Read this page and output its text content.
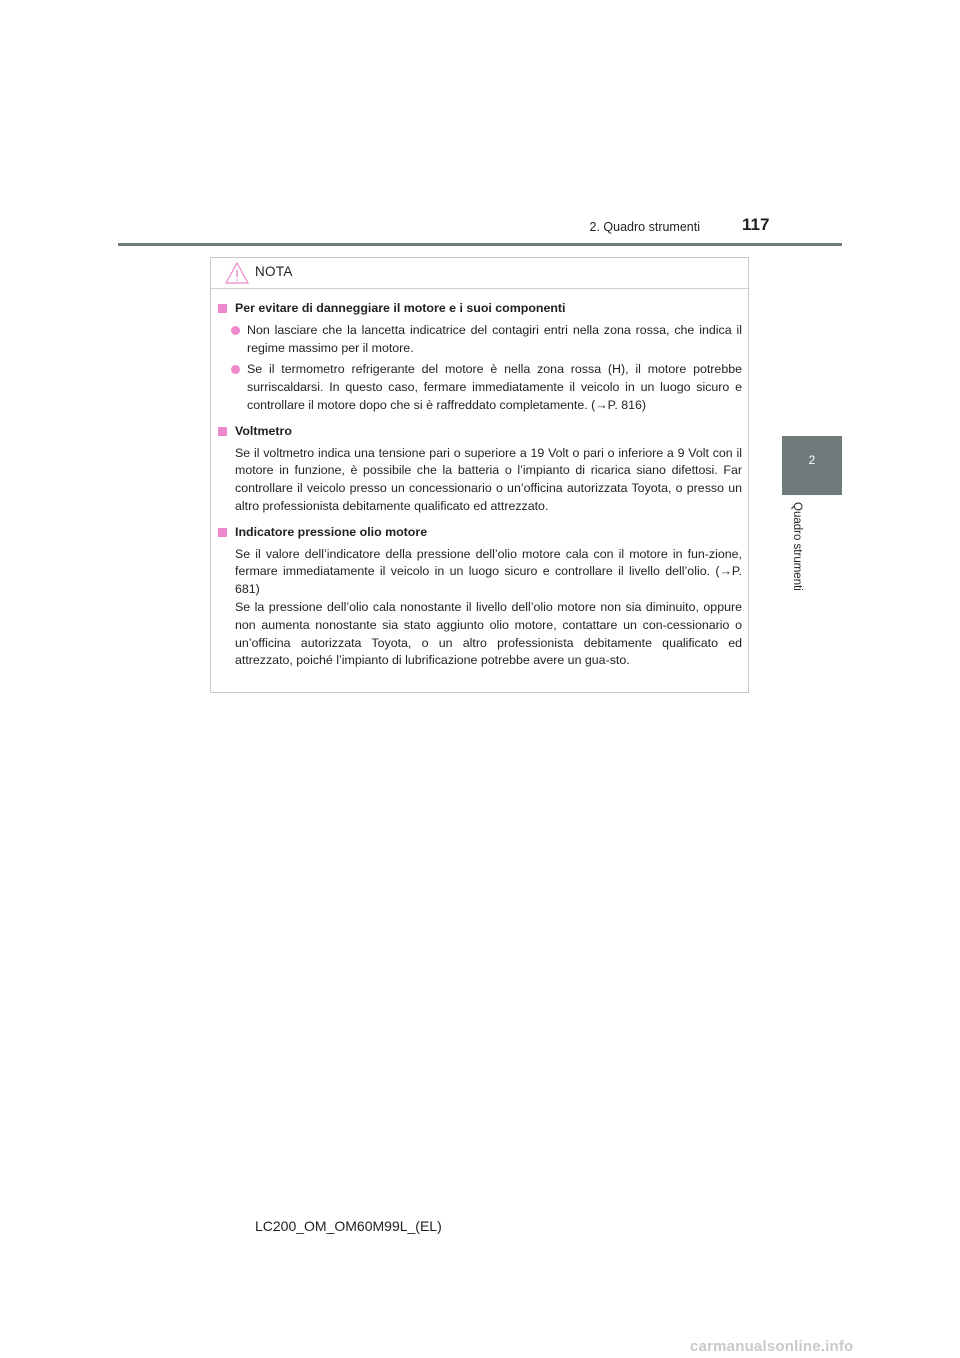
2. Quadro strumenti 117
2
Quadro strumenti
NOTA
Per evitare di danneggiare il motore e i suoi componenti
Non lasciare che la lancetta indicatrice del contagiri entri nella zona rossa, che indica il regime massimo per il motore.
Se il termometro refrigerante del motore è nella zona rossa (H), il motore potrebbe surriscaldarsi. In questo caso, fermare immediatamente il veicolo in un luogo sicuro e controllare il motore dopo che si è raffreddato completamente. (→P. 816)
Voltmetro
Se il voltmetro indica una tensione pari o superiore a 19 Volt o pari o inferiore a 9 Volt con il motore in funzione, è possibile che la batteria o l’impianto di ricarica siano difettosi. Far controllare il veicolo presso un concessionario o un’officina autorizzata Toyota, o presso un altro professionista debitamente qualificato ed attrezzato.
Indicatore pressione olio motore
Se il valore dell’indicatore della pressione dell’olio motore cala con il motore in fun-zione, fermare immediatamente il veicolo in un luogo sicuro e controllare il livello dell’olio. (→P. 681)
Se la pressione dell’olio cala nonostante il livello dell’olio motore non sia diminuito, oppure non aumenta nonostante sia stato aggiunto olio motore, contattare un con-cessionario o un’officina autorizzata Toyota, o un altro professionista debitamente qualificato ed attrezzato, poiché l’impianto di lubrificazione potrebbe avere un gua-sto.
LC200_OM_OM60M99L_(EL)
carmanualsonline.info
